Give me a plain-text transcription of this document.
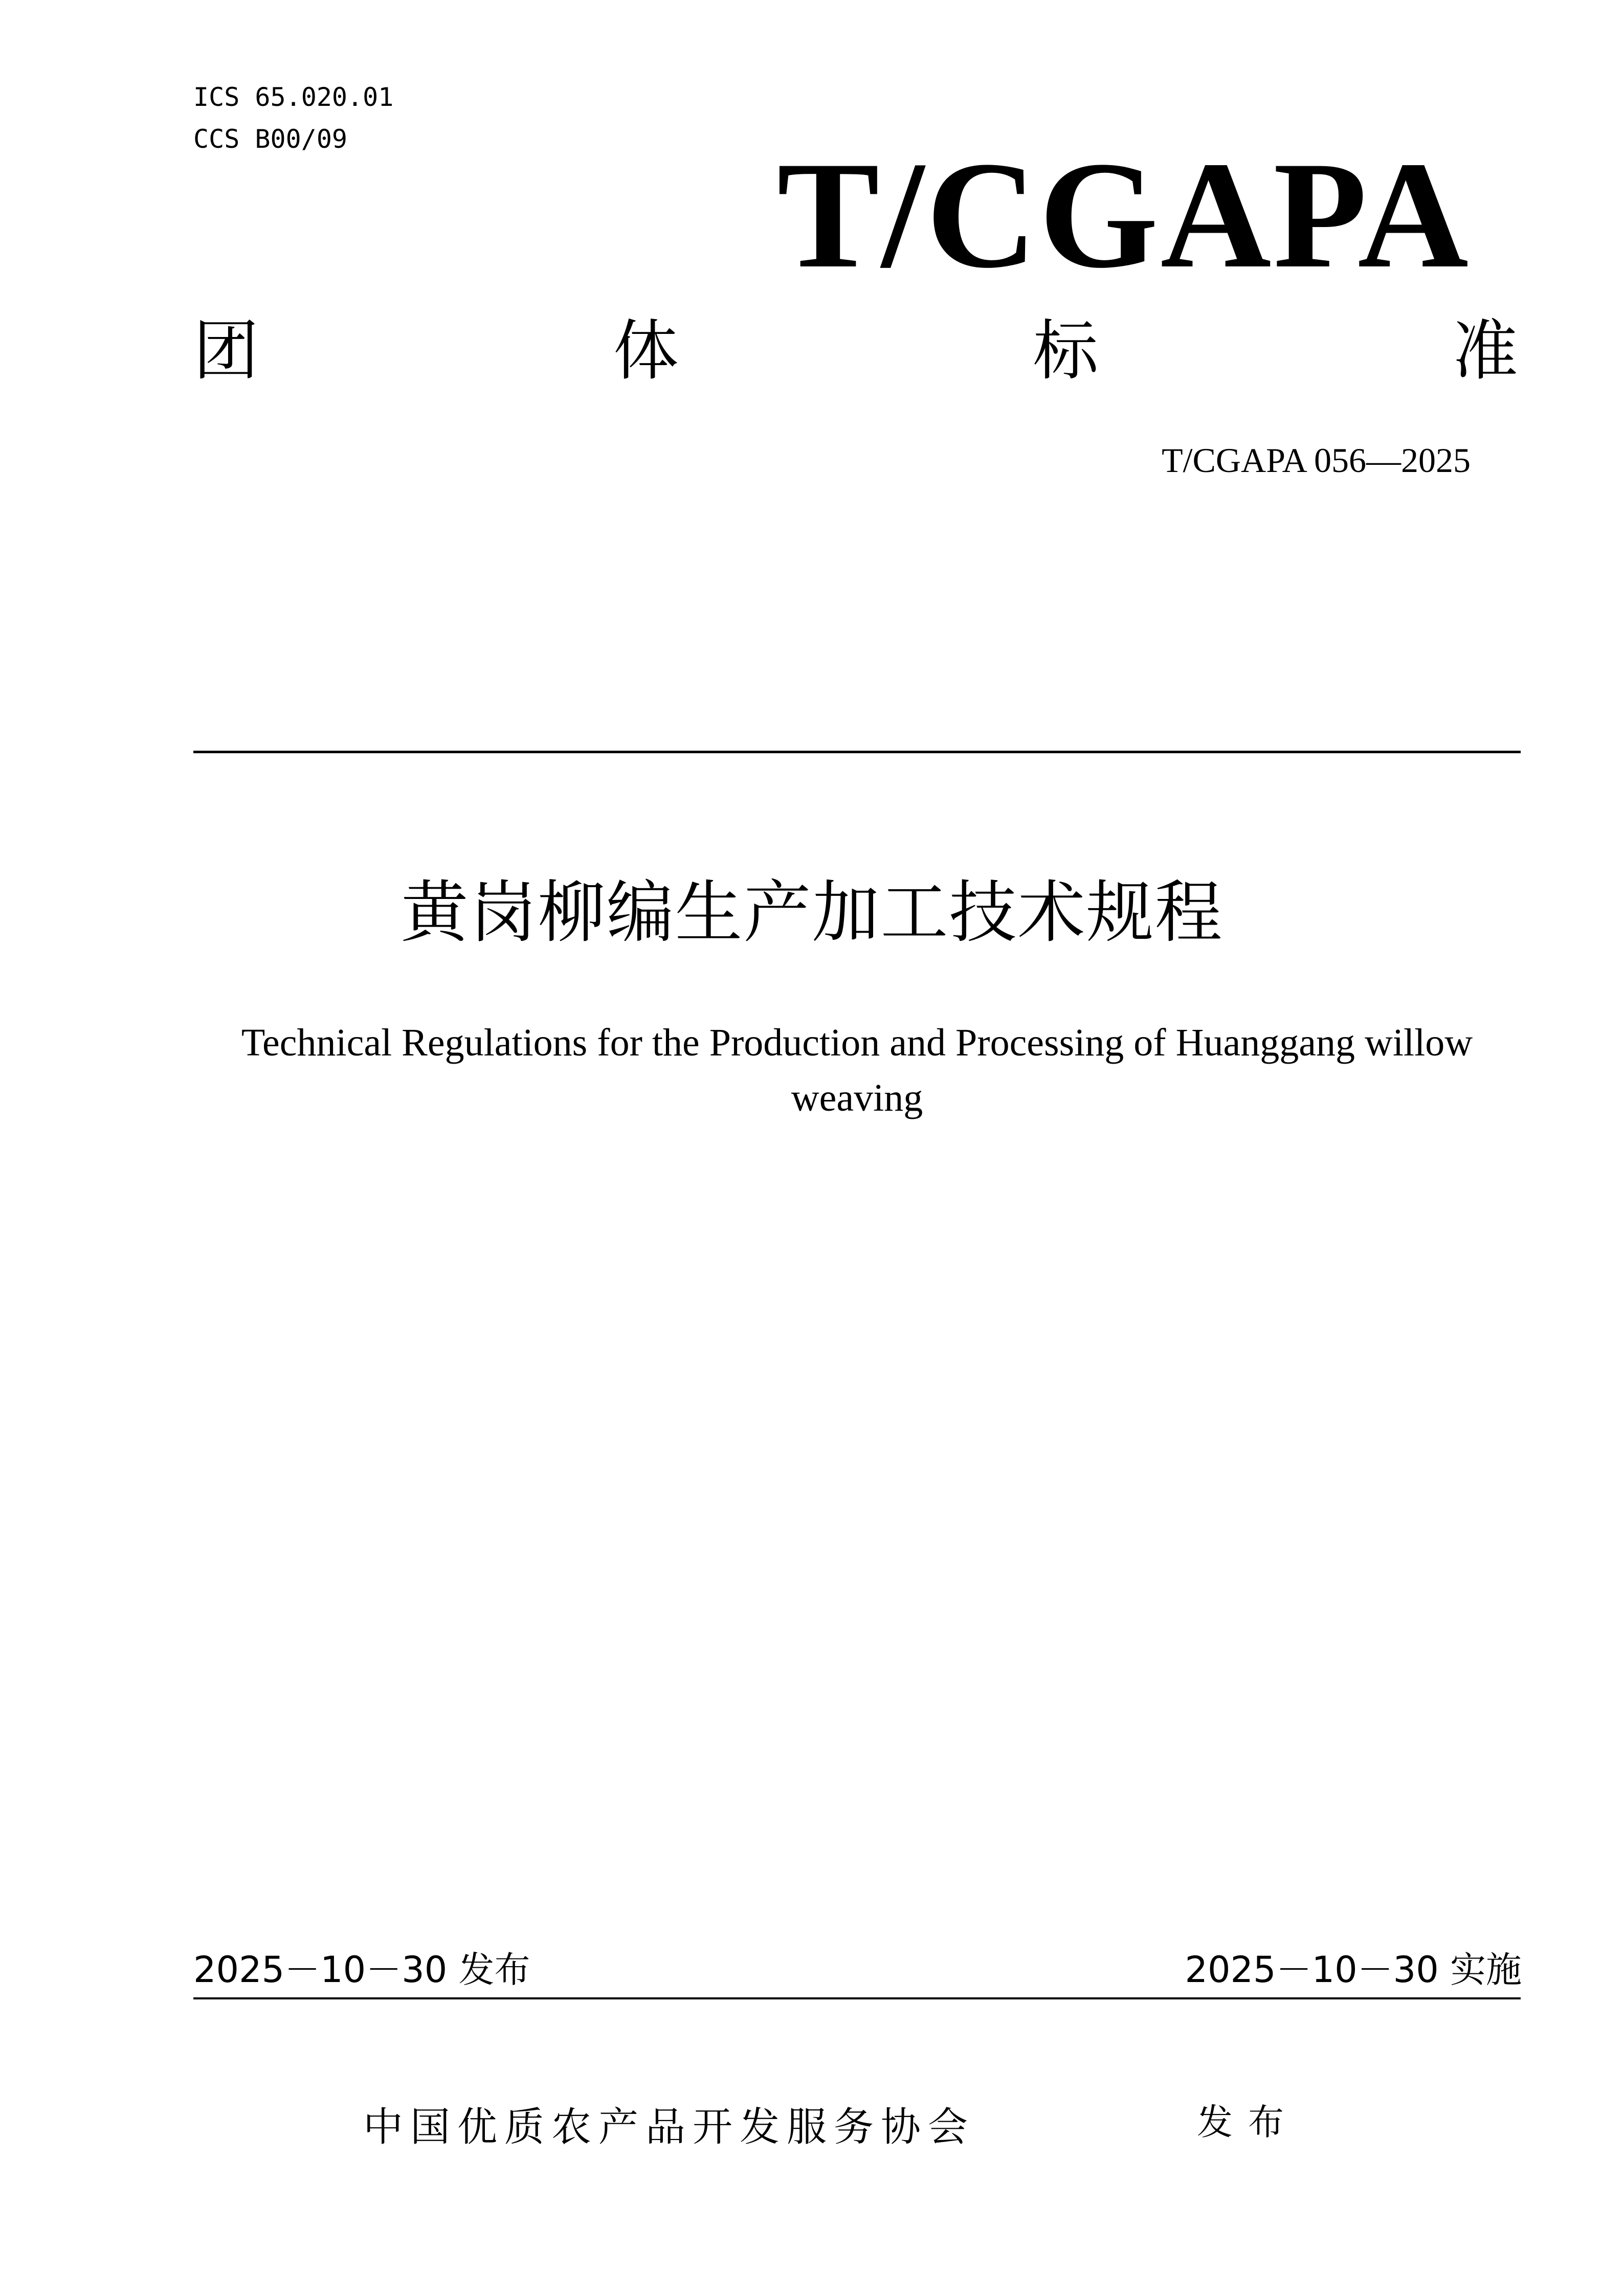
ICS 65.020.01
CCS B00/09	T/CGAPA
团	体	标	准
T/CGAPA 056—2025
黄岗柳编生产加工技术规程
Technical Regulations for the Production and Processing of Huanggang willow
weaving
2025－10－30 发布	2025－10－30 实施
中国优质农产品开发服务协会	发布
